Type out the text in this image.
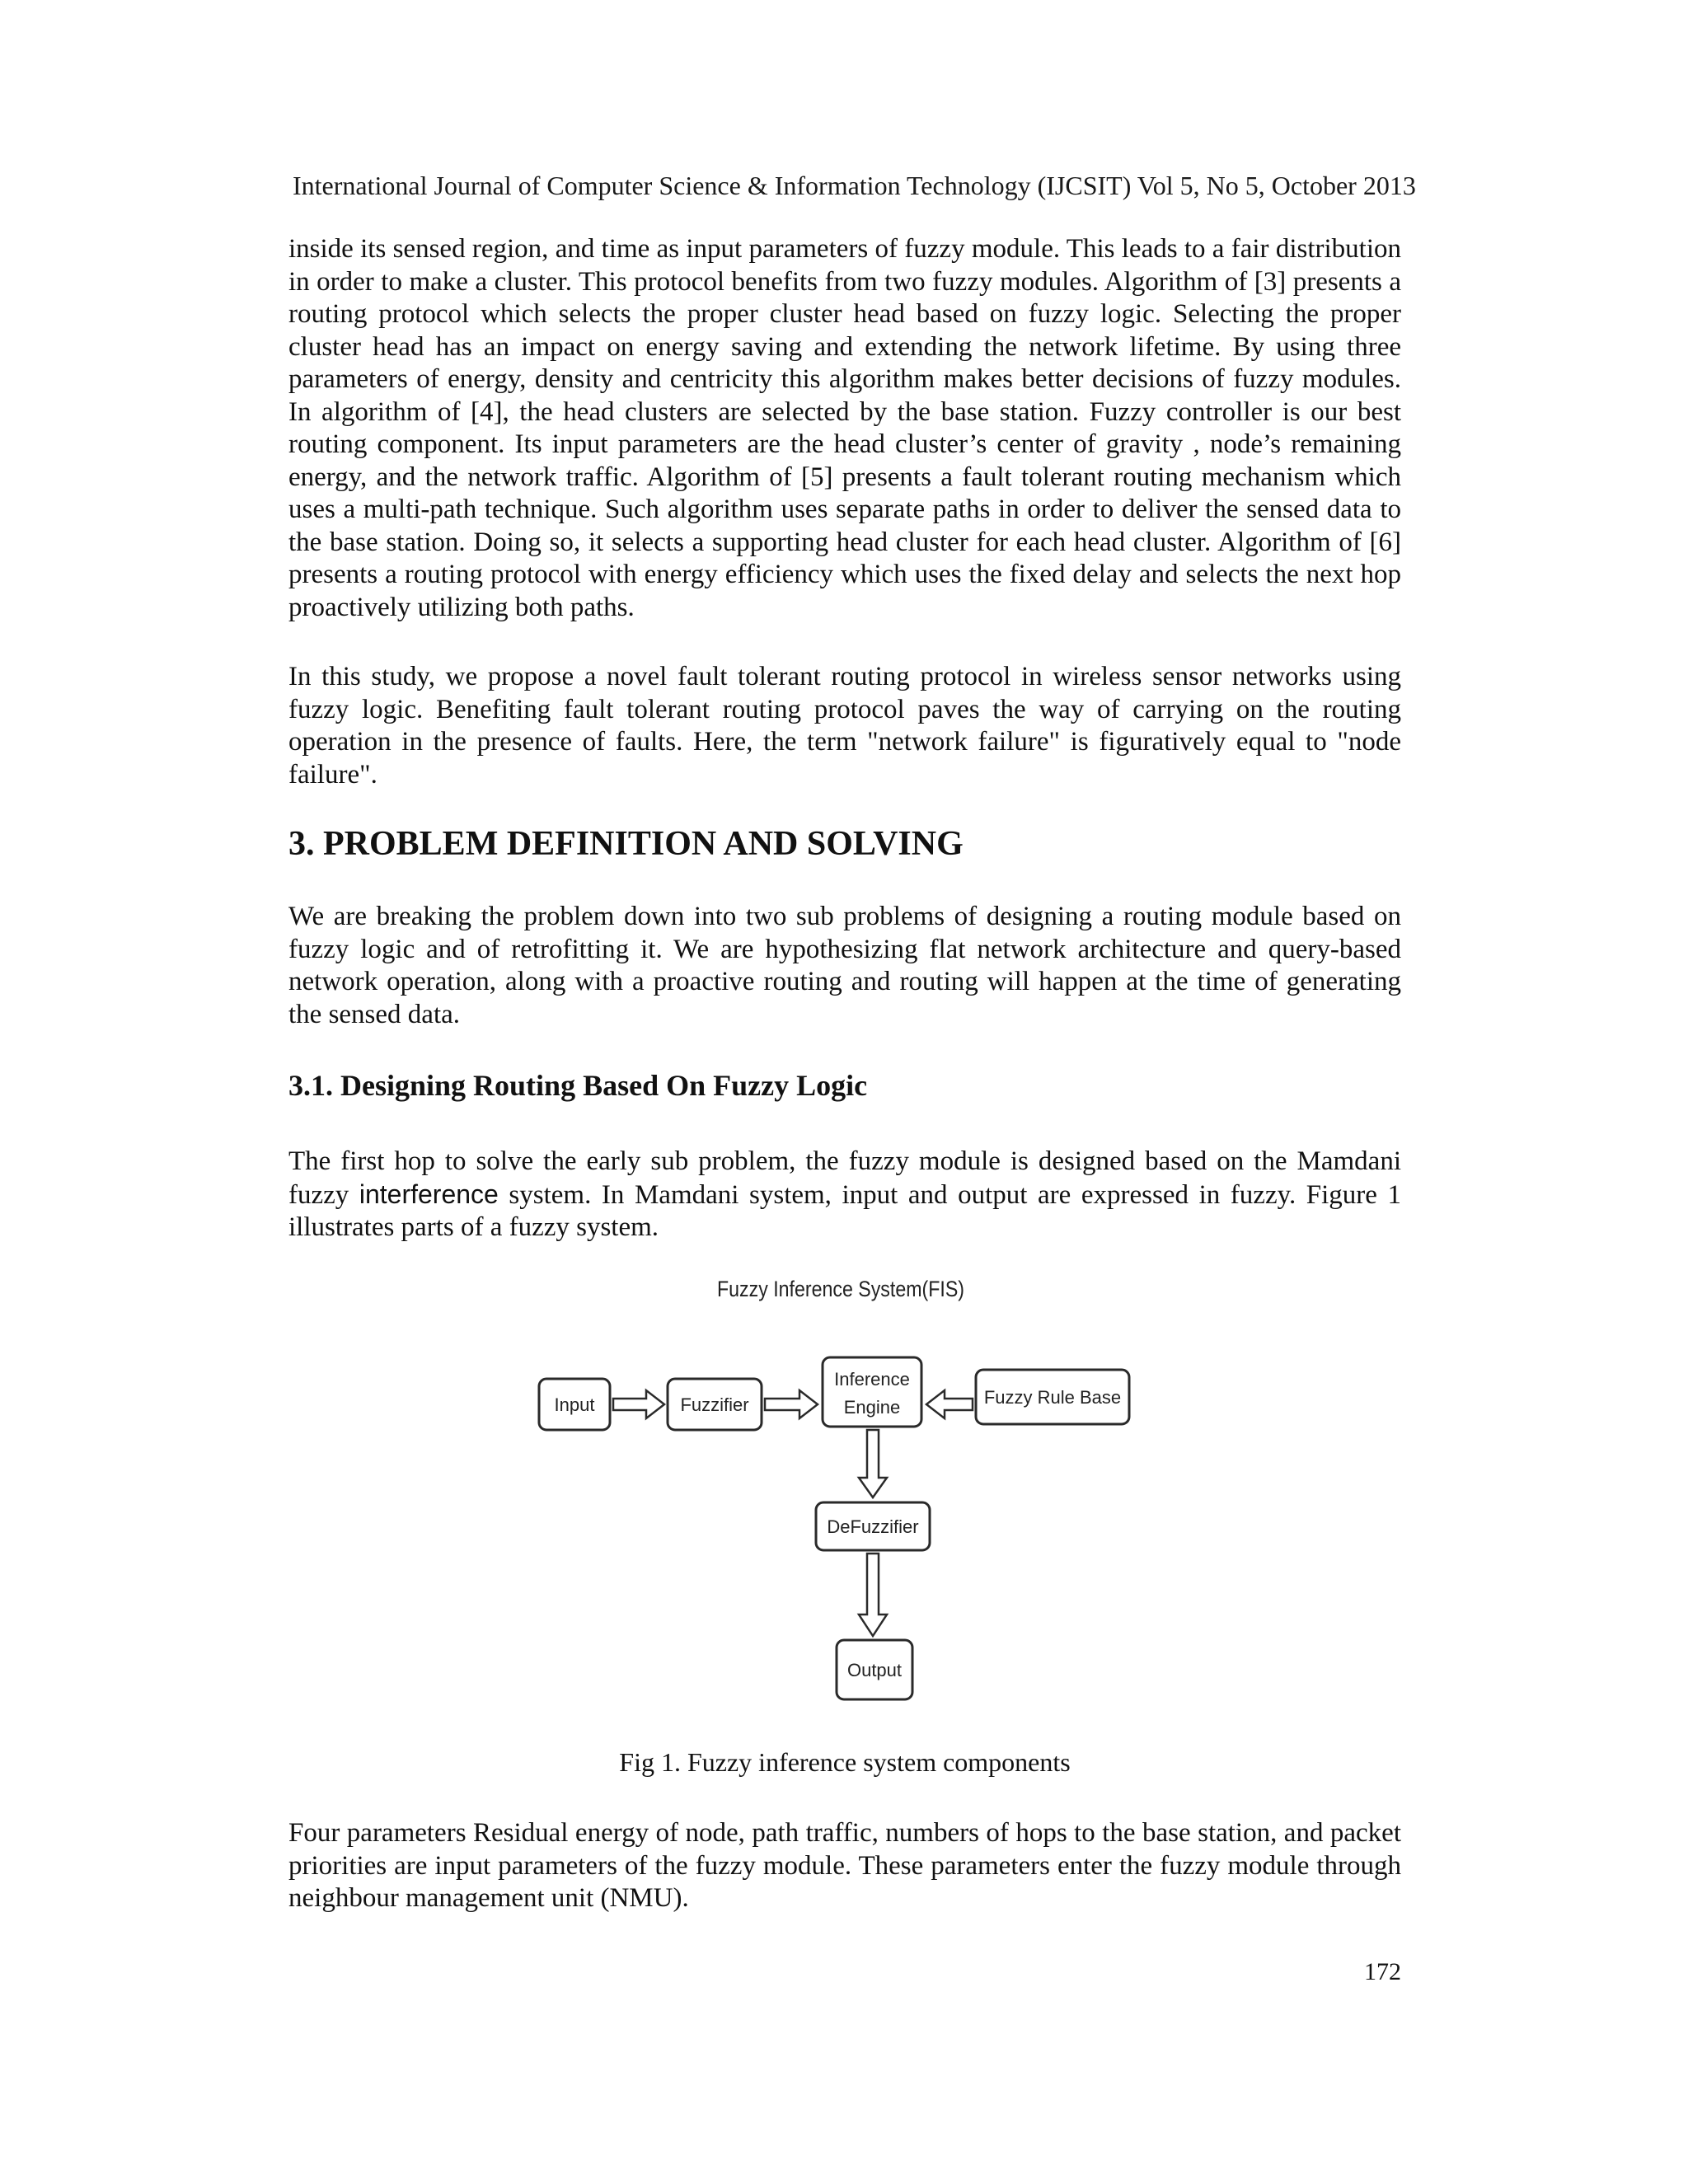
International Journal of Computer Science & Information Technology (IJCSIT) Vol 5, No 5, October 2013

inside its sensed region, and time as input parameters of fuzzy module. This leads to a fair distribution in order to make a cluster. This protocol benefits from two fuzzy modules. Algorithm of [3] presents a routing protocol which selects the proper cluster head based on fuzzy logic. Selecting the proper cluster head has an impact on energy saving and extending the network lifetime. By using three parameters of energy, density and centricity this algorithm makes better decisions of fuzzy modules. In algorithm of [4], the head clusters are selected by the base station. Fuzzy controller is our best routing component. Its input parameters are the head cluster’s center of gravity , node’s remaining energy, and the network traffic. Algorithm of [5] presents a fault tolerant routing mechanism which uses a multi-path technique. Such algorithm uses separate paths in order to deliver the sensed data to the base station. Doing so, it selects a supporting head cluster for each head cluster. Algorithm of [6] presents a routing protocol with energy efficiency which uses the fixed delay and selects the next hop proactively utilizing both paths.

In this study, we propose a novel fault tolerant routing protocol in wireless sensor networks using fuzzy logic. Benefiting fault tolerant routing protocol paves the way of carrying on the routing operation in the presence of faults. Here, the term "network failure" is figuratively equal to "node failure".

3. PROBLEM DEFINITION AND SOLVING

We are breaking the problem down into two sub problems of designing a routing module based on fuzzy logic and of retrofitting it. We are hypothesizing flat network architecture and query-based network operation, along with a proactive routing and routing will happen at the time of generating the sensed data.

3.1. Designing Routing Based On Fuzzy Logic

The first hop to solve the early sub problem, the fuzzy module is designed based on the Mamdani fuzzy interference system. In Mamdani system, input and output are expressed in fuzzy. Figure 1 illustrates parts of a fuzzy system.

Fuzzy Inference System(FIS)
Input	Fuzzifier
Inference
Engine	Fuzzy Rule Base
DeFuzzifier
Output
Fig 1. Fuzzy inference system components

Four parameters Residual energy of node, path traffic, numbers of hops to the base station, and packet priorities are input parameters of the fuzzy module. These parameters enter the fuzzy module through neighbour management unit (NMU).

172
